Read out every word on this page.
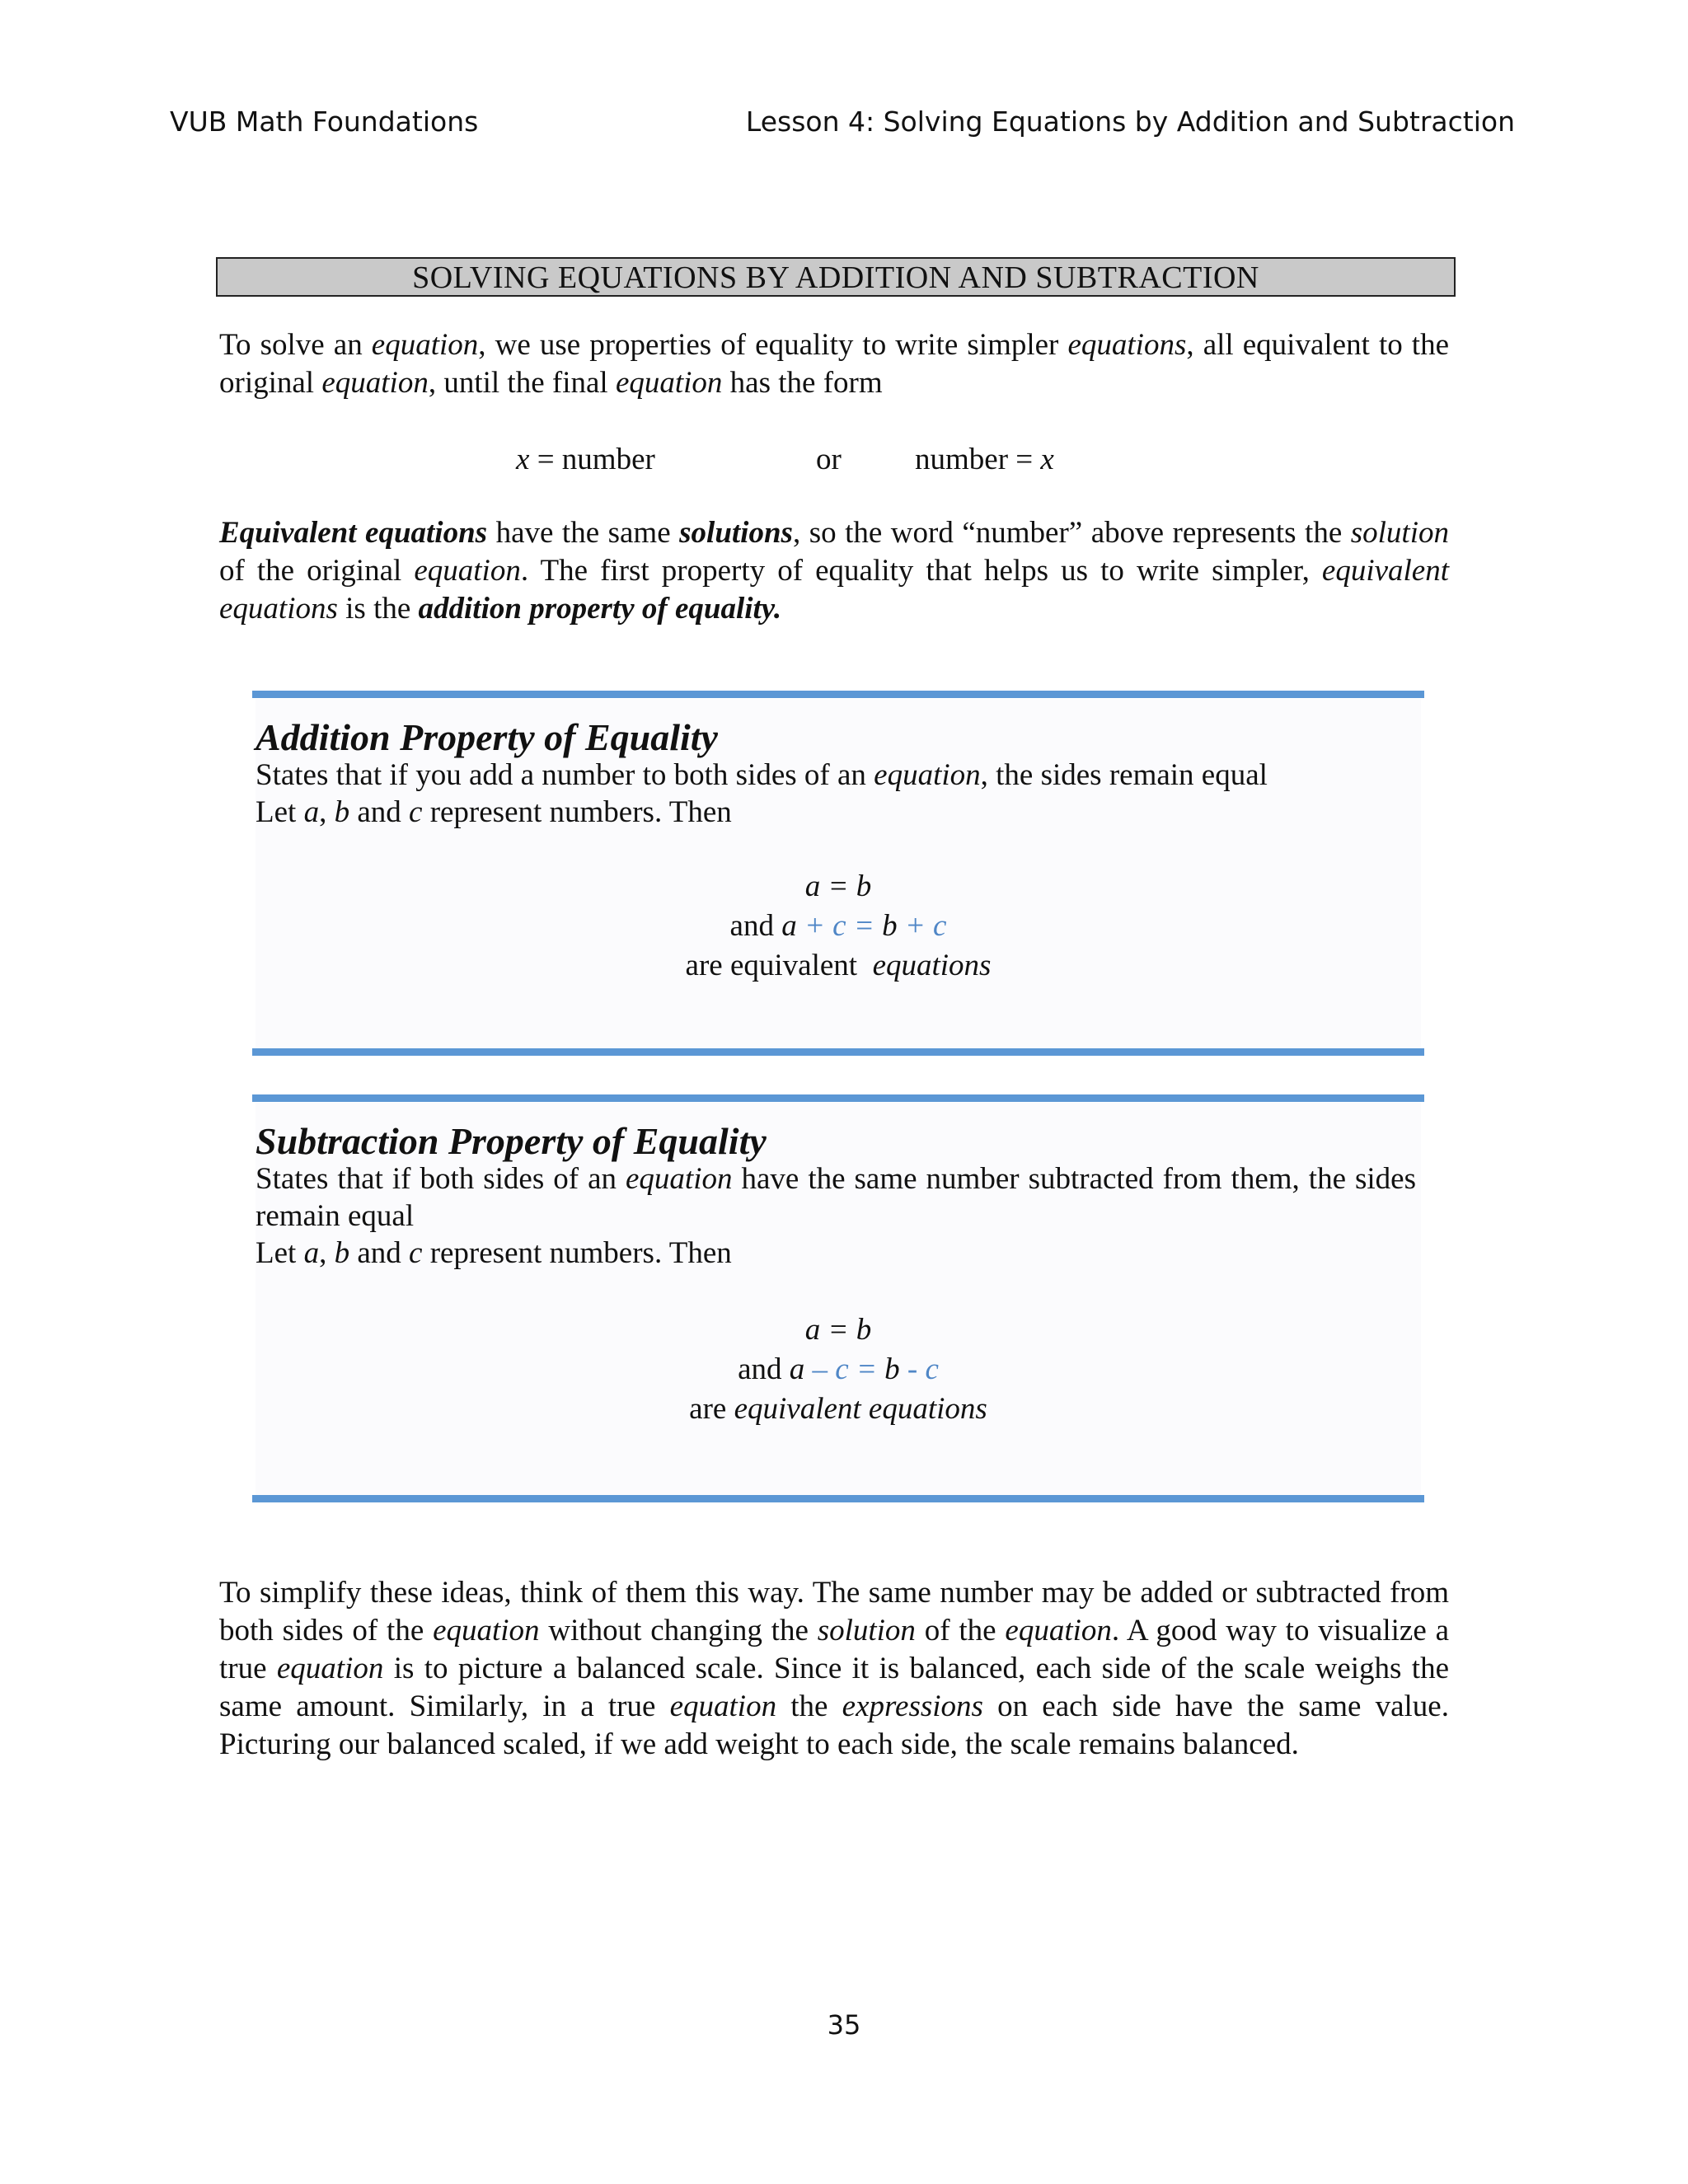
VUB Math Foundations	Lesson 4: Solving Equations by Addition and Subtraction
SOLVING EQUATIONS BY ADDITION AND SUBTRACTION
To solve an equation, we use properties of equality to write simpler equations, all equivalent to the original equation, until the final equation has the form
x = number	or number = x
Equivalent equations have the same solutions, so the word “number” above represents the solution of the original equation. The first property of equality that helps us to write simpler, equivalent equations is the addition property of equality.
Addition Property of Equality
States that if you add a number to both sides of an equation, the sides remain equal
Let a, b and c represent numbers. Then
a = b
and a + c = b + c
are equivalent equations
Subtraction Property of Equality
States that if both sides of an equation have the same number subtracted from them, the sides remain equal
Let a, b and c represent numbers. Then
a = b
and a – c = b - c
are equivalent equations
To simplify these ideas, think of them this way. The same number may be added or subtracted from both sides of the equation without changing the solution of the equation. A good way to visualize a true equation is to picture a balanced scale. Since it is balanced, each side of the scale weighs the same amount. Similarly, in a true equation the expressions on each side have the same value. Picturing our balanced scaled, if we add weight to each side, the scale remains balanced.
35
